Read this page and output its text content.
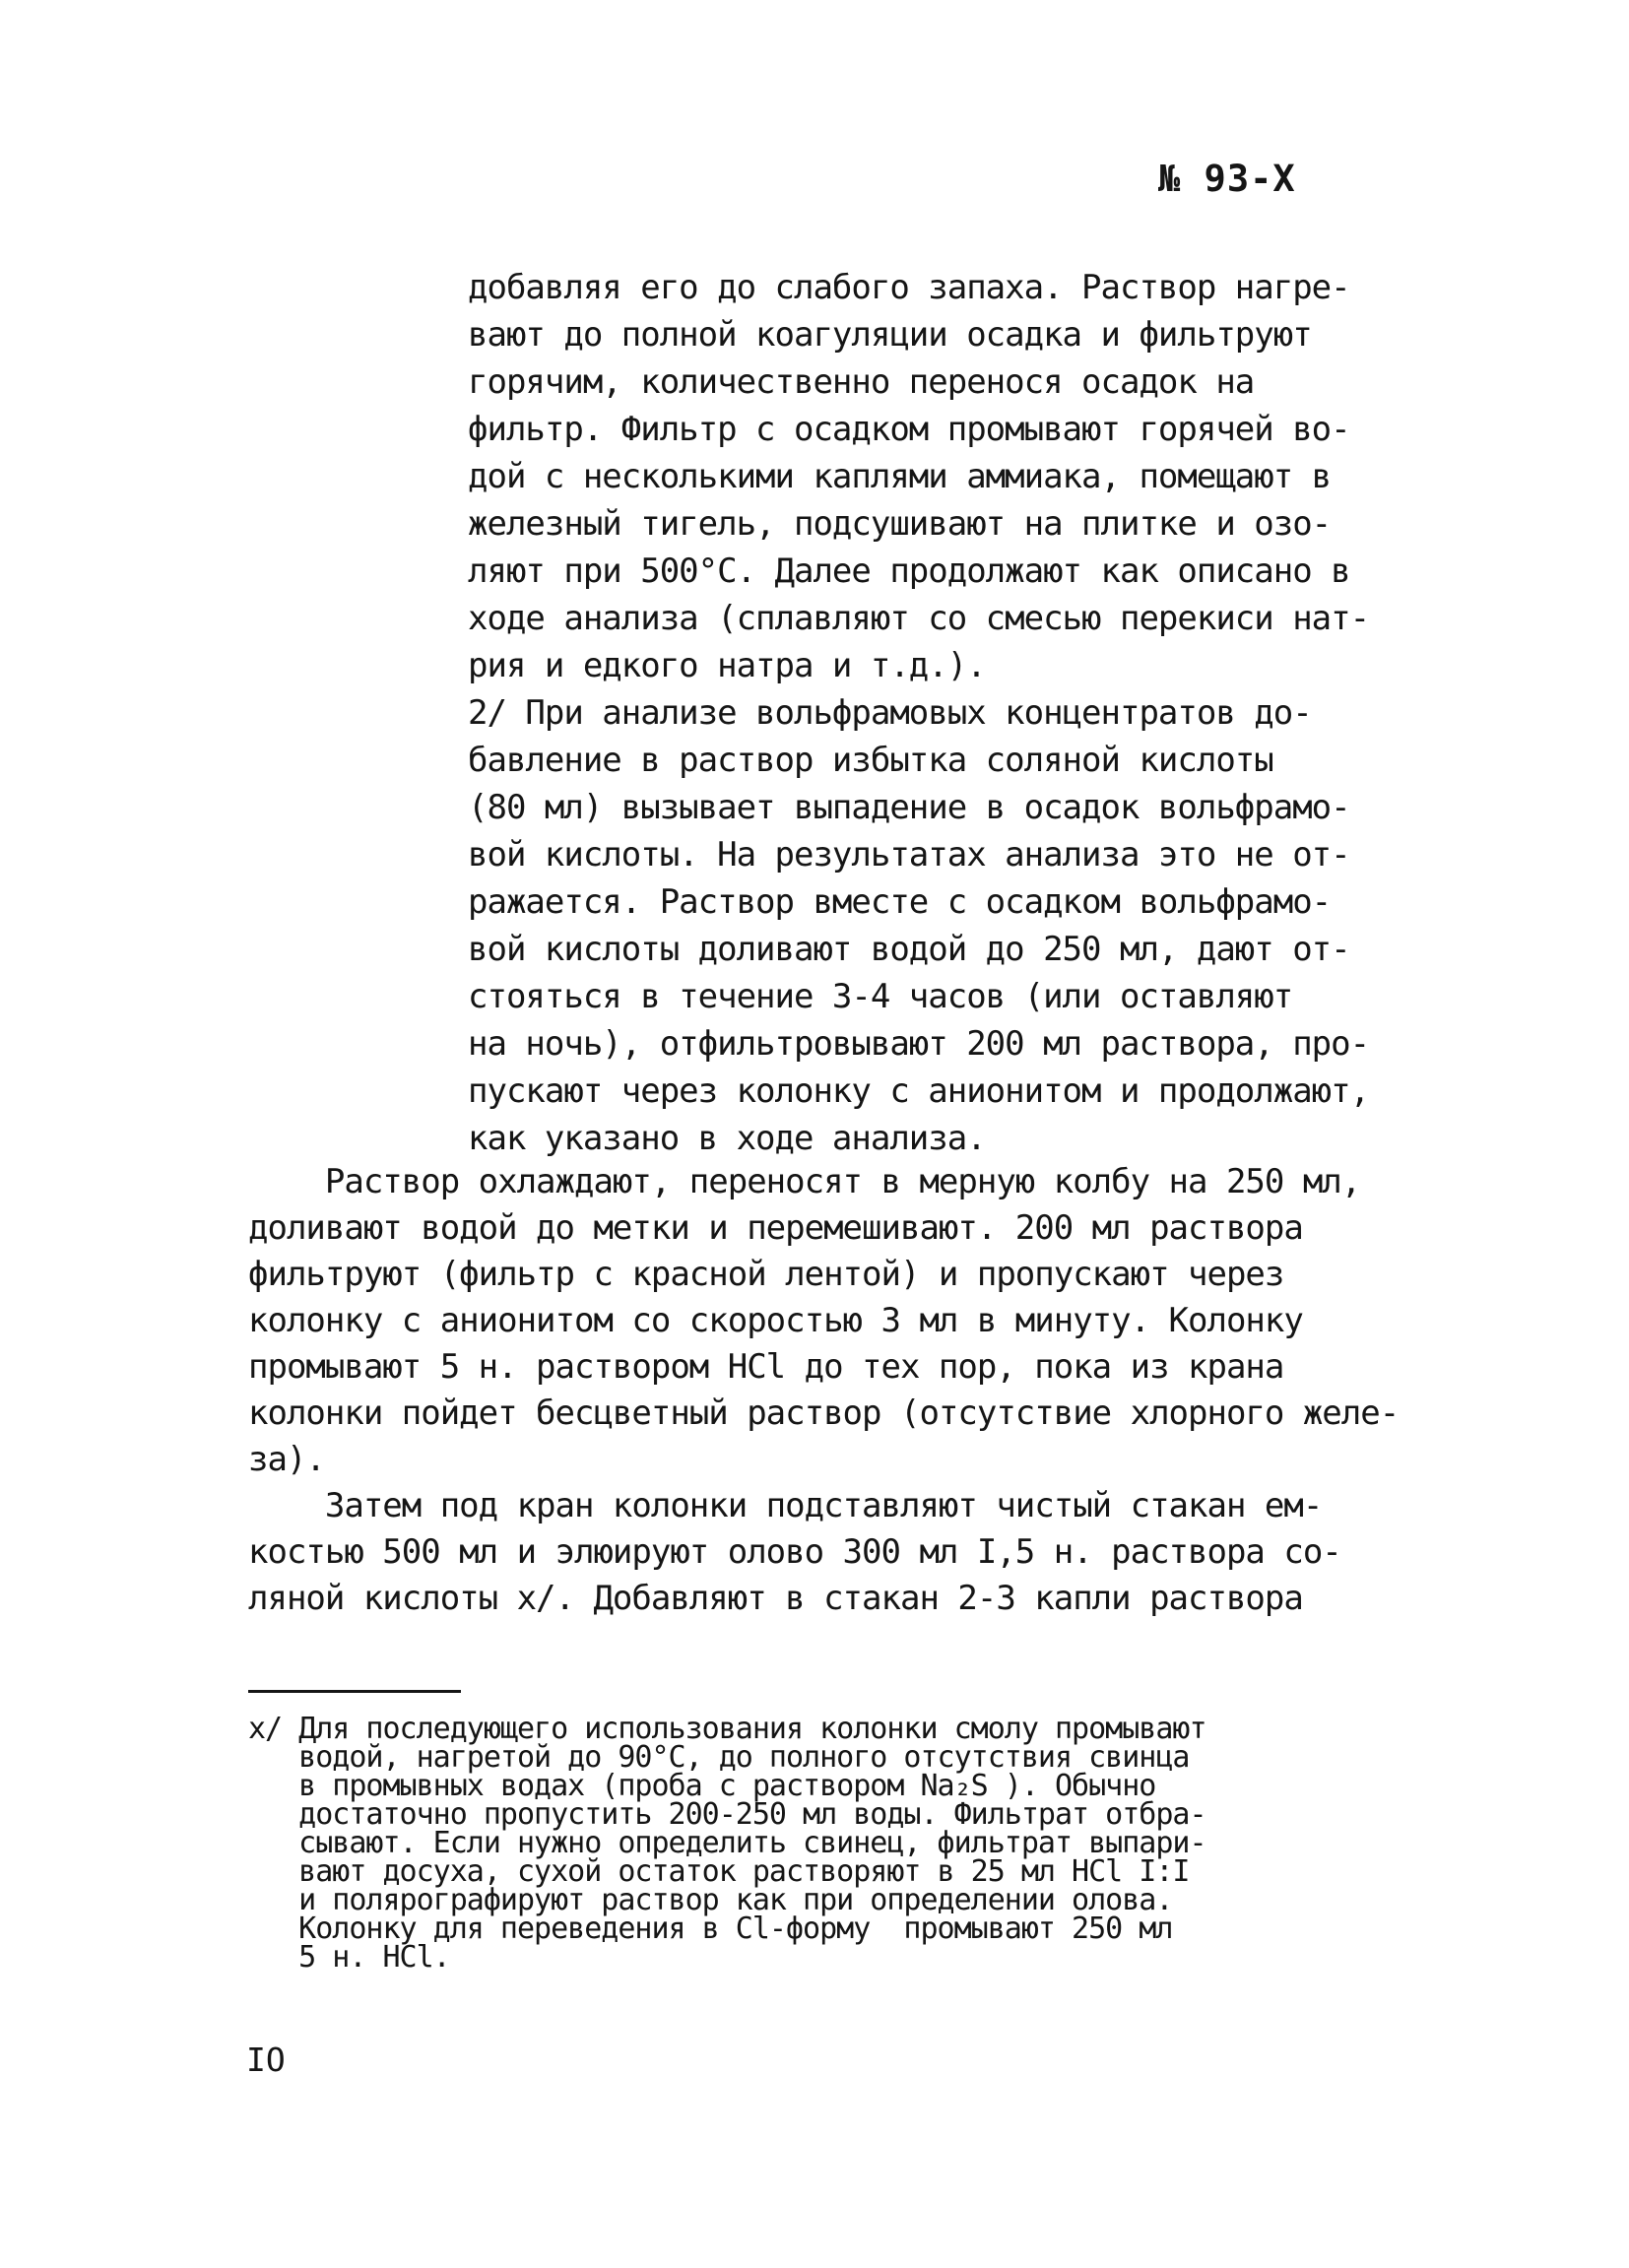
№ 93-Х
добавляя его до слабого запаха. Раствор нагре-
вают до полной коагуляции осадка и фильтруют
горячим, количественно перенося осадок на
фильтр. Фильтр с осадком промывают горячей во-
дой с несколькими каплями аммиака, помещают в
железный тигель, подсушивают на плитке и озо-
ляют при 500°С. Далее продолжают как описано в
ходе анализа (сплавляют со смесью перекиси нат-
рия и едкого натра и т.д.).
2/ При анализе вольфрамовых концентратов до-
бавление в раствор избытка соляной кислоты
(80 мл) вызывает выпадение в осадок вольфрамо-
вой кислоты. На результатах анализа это не от-
ражается. Раствор вместе с осадком вольфрамо-
вой кислоты доливают водой до 250 мл, дают от-
стояться в течение 3-4 часов (или оставляют
на ночь), отфильтровывают 200 мл раствора, про-
пускают через колонку с анионитом и продолжают,
как указано в ходе анализа.
Раствор охлаждают, переносят в мерную колбу на 250 мл,
доливают водой до метки и перемешивают. 200 мл раствора
фильтруют (фильтр с красной лентой) и пропускают через
колонку с анионитом со скоростью 3 мл в минуту. Колонку
промывают 5 н. раствором HCl до тех пор, пока из крана
колонки пойдет бесцветный раствор (отсутствие хлорного желе-
за).
Затем под кран колонки подставляют чистый стакан ем-
костью 500 мл и элюируют олово 300 мл I,5 н. раствора со-
ляной кислоты х/. Добавляют в стакан 2-3 капли раствора
х/ Для последующего использования колонки смолу промывают
водой, нагретой до 90°С, до полного отсутствия свинца
в промывных водах (проба с раствором Na₂S ). Обычно
достаточно пропустить 200-250 мл воды. Фильтрат отбра-
сывают. Если нужно определить свинец, фильтрат выпари-
вают досуха, сухой остаток растворяют в 25 мл HCl I:I
и полярографируют раствор как при определении олова.
Колонку для переведения в Cl-форму  промывают 250 мл
5 н. HCl.
IO
